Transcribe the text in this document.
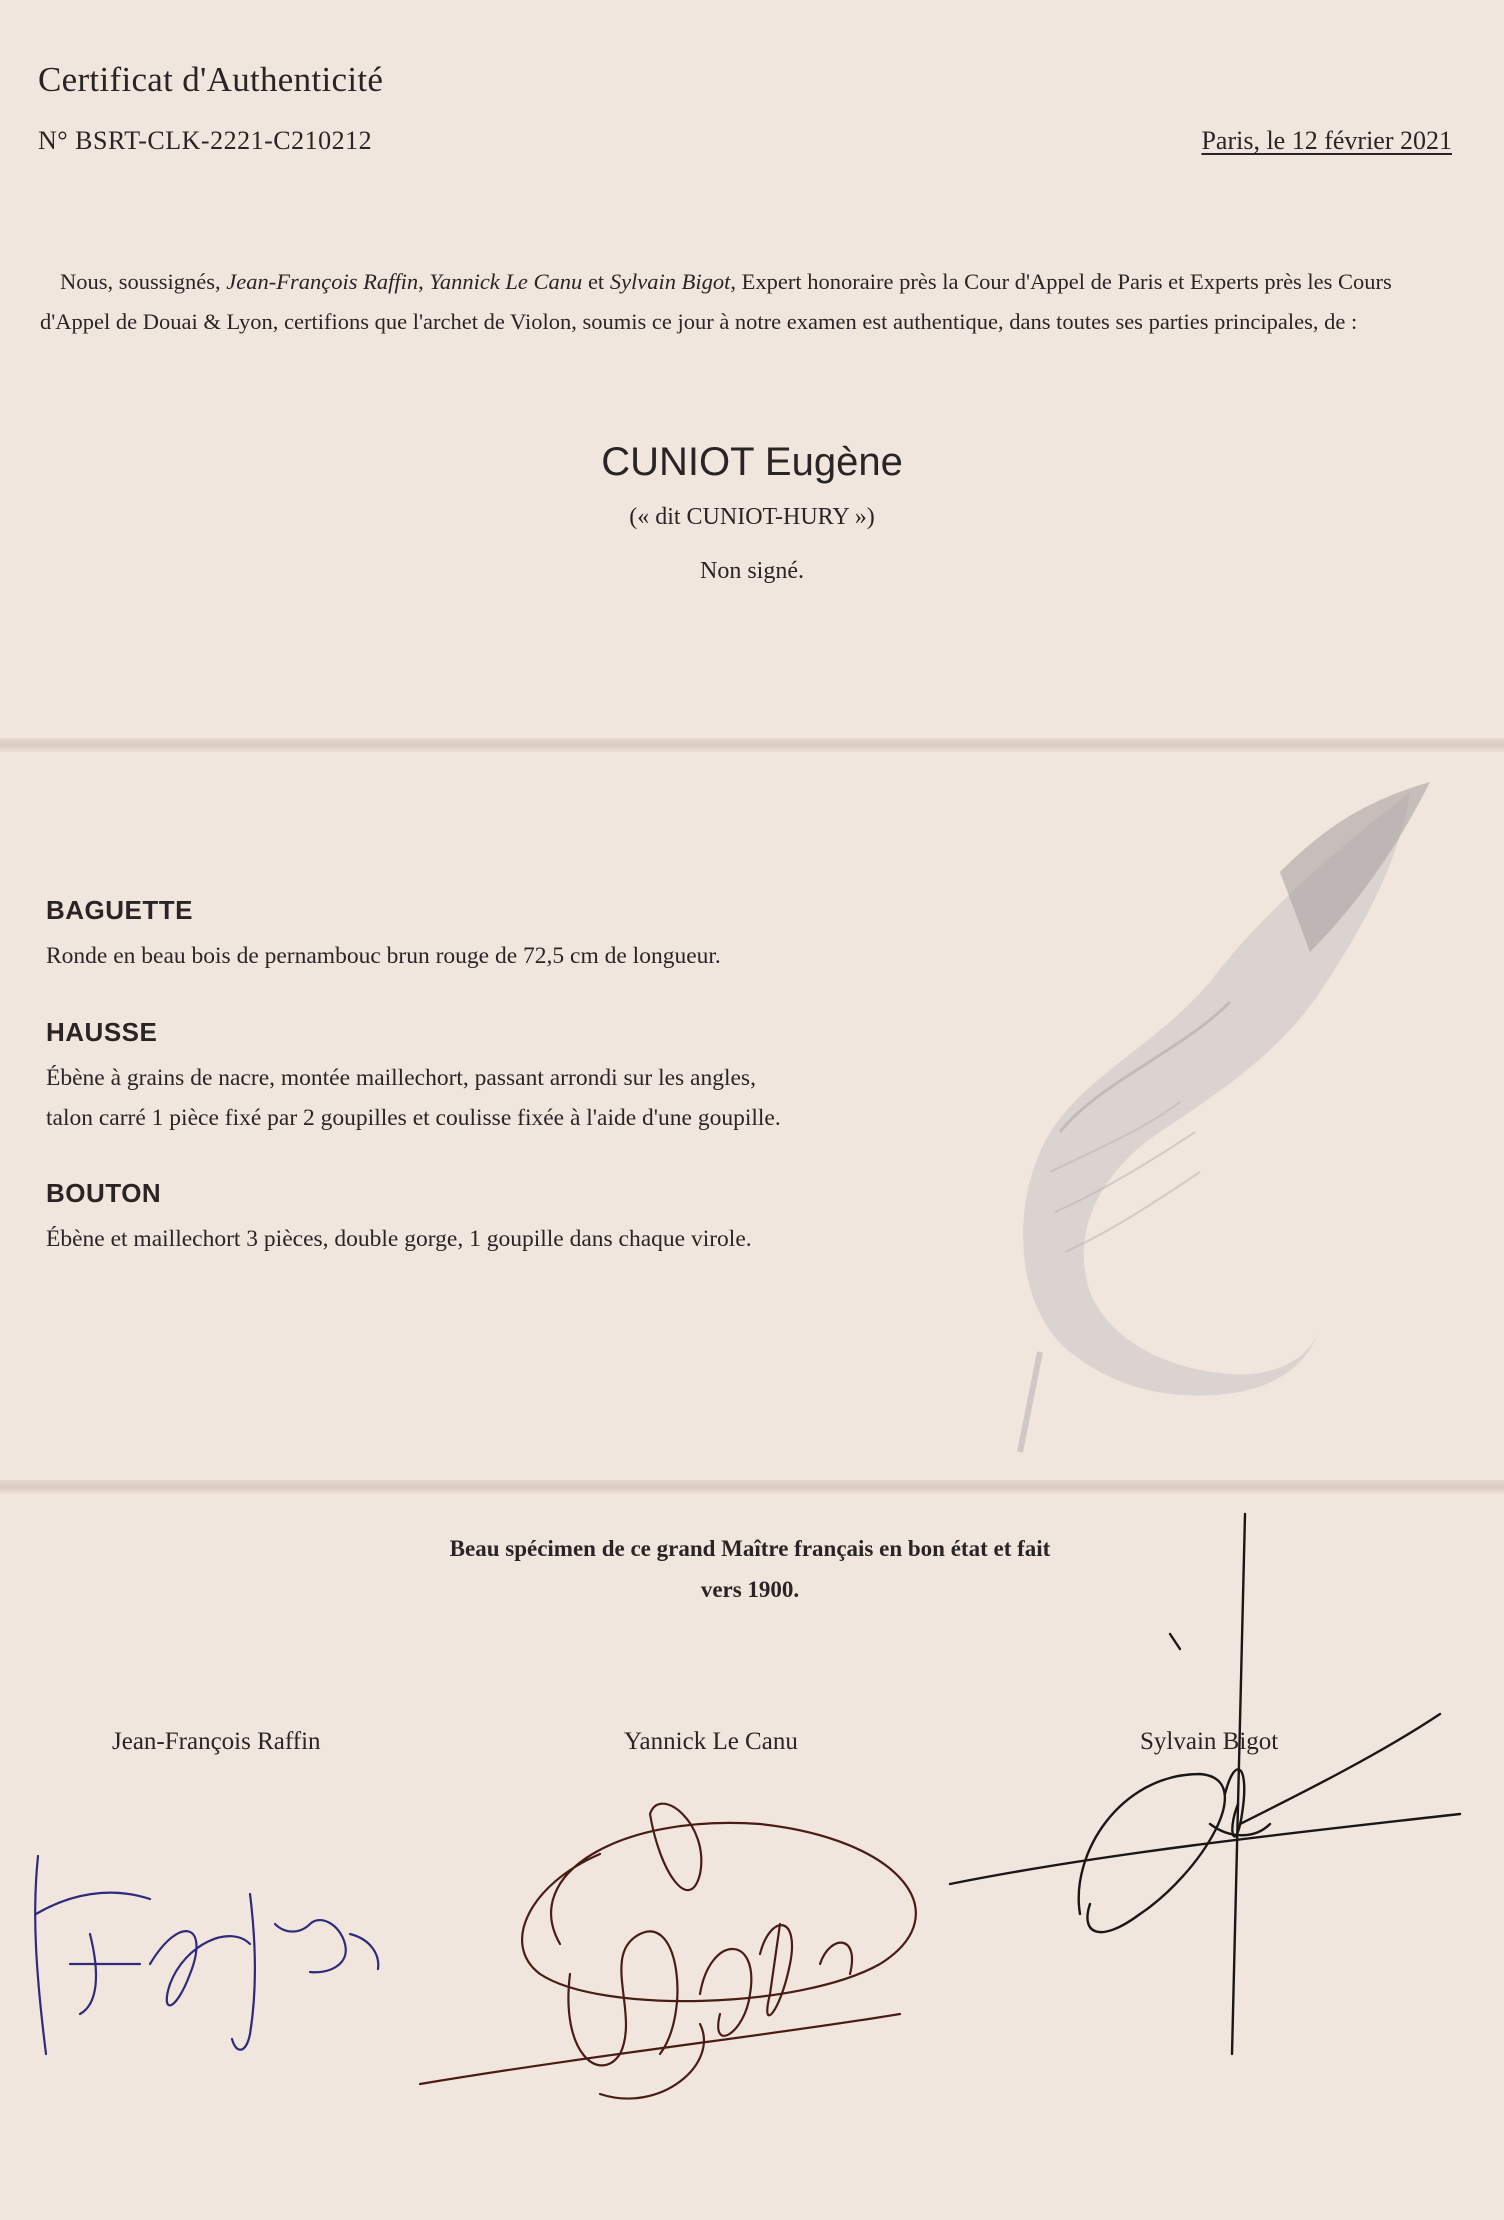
Certificat d'Authenticité
N° BSRT-CLK-2221-C210212	Paris, le 12 février 2021

Nous, soussignés, Jean-François Raffin, Yannick Le Canu et Sylvain Bigot, Expert honoraire près la Cour d'Appel de Paris et Experts près les Cours d'Appel de Douai & Lyon, certifions que l'archet de Violon, soumis ce jour à notre examen est authentique, dans toutes ses parties principales, de :

CUNIOT Eugène
(« dit CUNIOT-HURY »)
Non signé.

BAGUETTE

Ronde en beau bois de pernambouc brun rouge de 72,5 cm de longueur.

HAUSSE

Ébène à grains de nacre, montée maillechort, passant arrondi sur les angles,

talon carré 1 pièce fixé par 2 goupilles et coulisse fixée à l'aide d'une goupille.

BOUTON

Ébène et maillechort 3 pièces, double gorge, 1 goupille dans chaque virole.

Beau spécimen de ce grand Maître français en bon état et fait
vers 1900.

Jean-François Raffin	Yannick Le Canu	Sylvain Bigot
